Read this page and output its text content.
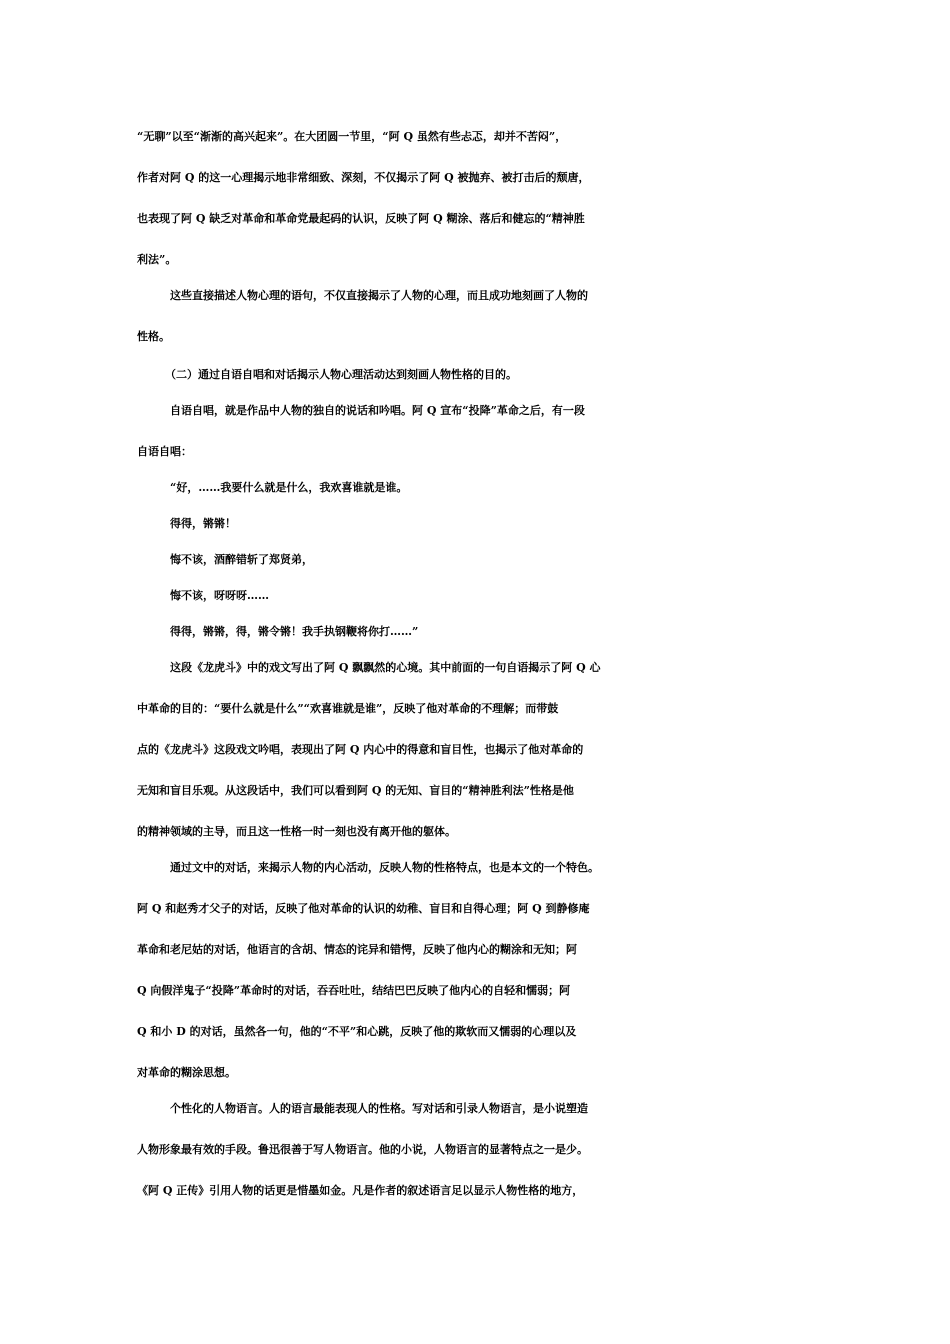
“无聊”以至“渐渐的高兴起来”。在大团圆一节里，“阿 Q 虽然有些忐忑，却并不苦闷”，
作者对阿 Q 的这一心理揭示地非常细致、深刻，不仅揭示了阿 Q 被抛弃、被打击后的颓唐，
也表现了阿 Q 缺乏对革命和革命党最起码的认识，反映了阿 Q 糊涂、落后和健忘的“精神胜
利法”。
这些直接描述人物心理的语句，不仅直接揭示了人物的心理，而且成功地刻画了人物的
性格。
（二）通过自语自唱和对话揭示人物心理活动达到刻画人物性格的目的。
自语自唱，就是作品中人物的独自的说话和吟唱。阿 Q 宣布“投降”革命之后，有一段
自语自唱：
“好，……我要什么就是什么，我欢喜谁就是谁。
得得，锵锵！
悔不该，酒醉错斩了郑贤弟，
悔不该，呀呀呀……
得得，锵锵，得，锵令锵！我手执钢鞭将你打……”
这段《龙虎斗》中的戏文写出了阿 Q 飘飘然的心境。其中前面的一句自语揭示了阿 Q 心
中革命的目的：“要什么就是什么”“欢喜谁就是谁”，反映了他对革命的不理解；而带鼓
点的《龙虎斗》这段戏文吟唱，表现出了阿 Q 内心中的得意和盲目性，也揭示了他对革命的
无知和盲目乐观。从这段话中，我们可以看到阿 Q 的无知、盲目的“精神胜利法”性格是他
的精神领域的主导，而且这一性格一时一刻也没有离开他的躯体。
通过文中的对话，来揭示人物的内心活动，反映人物的性格特点，也是本文的一个特色。
阿 Q 和赵秀才父子的对话，反映了他对革命的认识的幼稚、盲目和自得心理；阿 Q 到静修庵
革命和老尼姑的对话，他语言的含胡、情态的诧异和错愕，反映了他内心的糊涂和无知；阿
Q 向假洋鬼子“投降”革命时的对话，吞吞吐吐，结结巴巴反映了他内心的自轻和懦弱；阿
Q 和小 D 的对话，虽然各一句，他的“不平”和心跳，反映了他的欺软而又懦弱的心理以及
对革命的糊涂思想。
个性化的人物语言。人的语言最能表现人的性格。写对话和引录人物语言，是小说塑造
人物形象最有效的手段。鲁迅很善于写人物语言。他的小说，人物语言的显著特点之一是少。
《阿 Q 正传》引用人物的话更是惜墨如金。凡是作者的叙述语言足以显示人物性格的地方，
